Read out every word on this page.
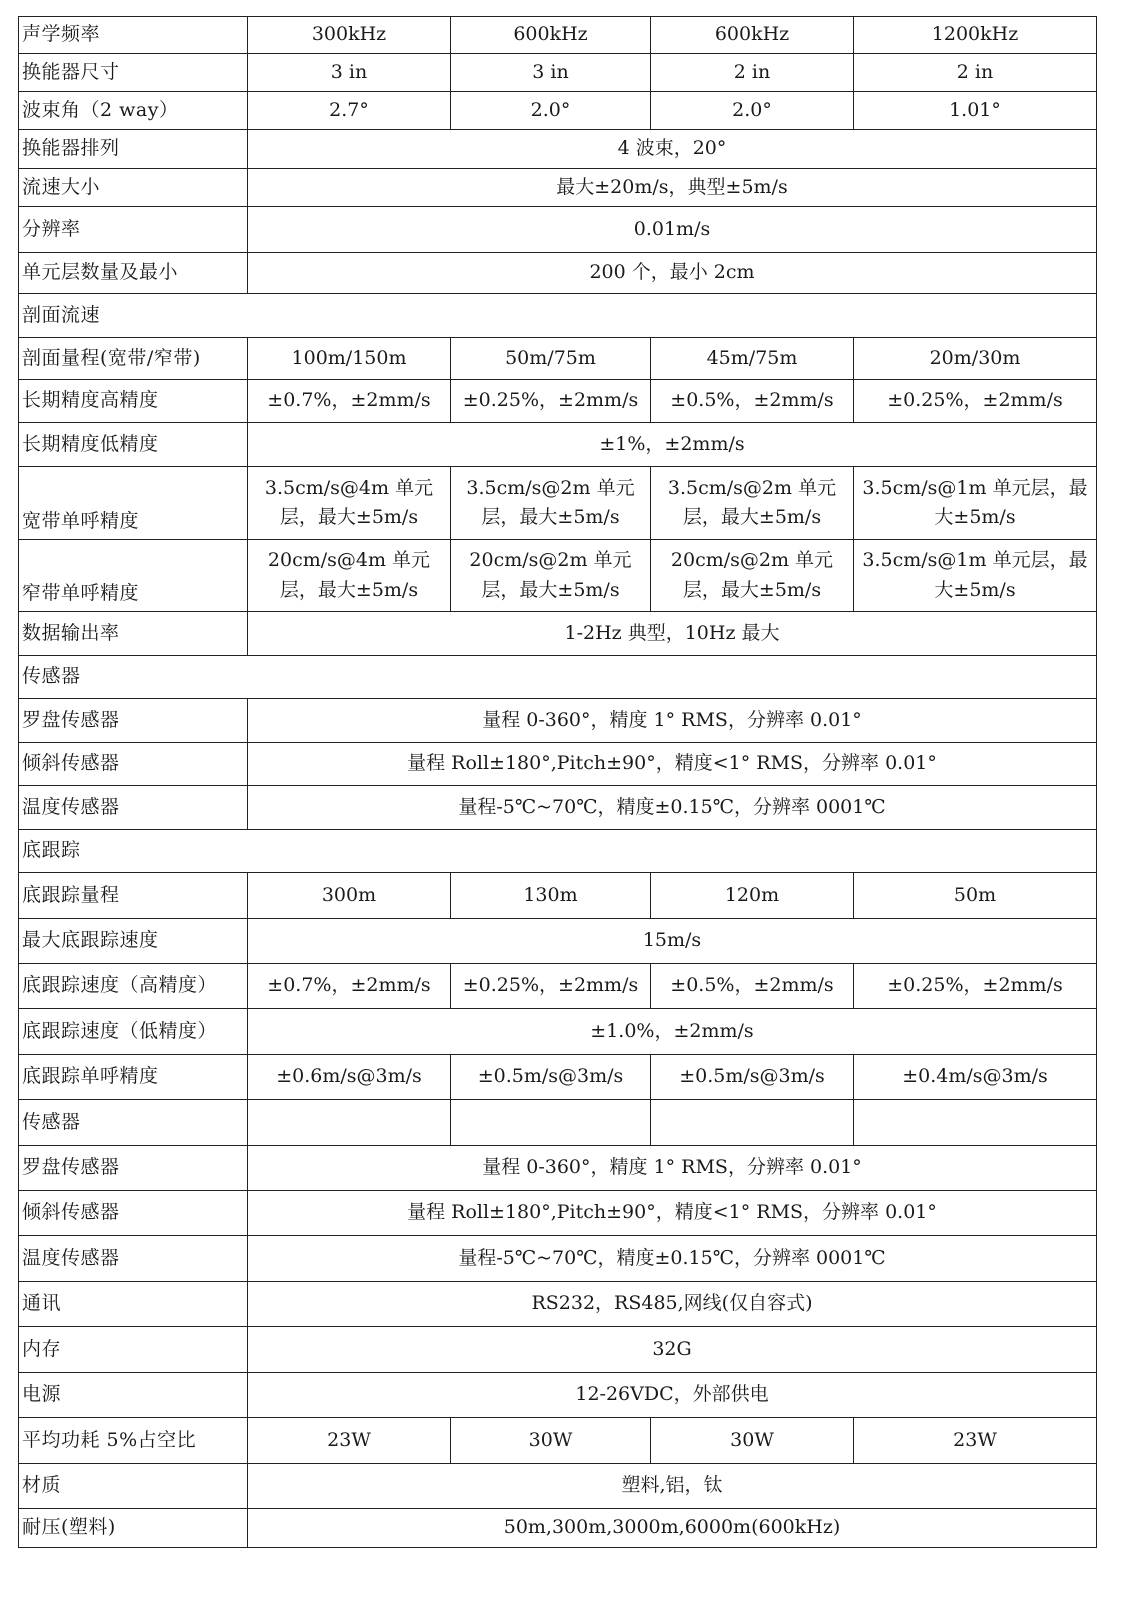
声学频率	300kHz	600kHz	600kHz	1200kHz
换能器尺寸	3 in	3 in	2 in	2 in
波束角（2 way）	2.7°	2.0°	2.0°	1.01°
换能器排列	4 波束，20°			
流速大小	最大±20m/s，典型±5m/s			
分辨率	0.01m/s			
单元层数量及最小	200 个，最小 2cm			
剖面流速				
剖面量程(宽带/窄带)	100m/150m	50m/75m	45m/75m	20m/30m
长期精度高精度	±0.7%，±2mm/s	±0.25%，±2mm/s	±0.5%，±2mm/s	±0.25%，±2mm/s
长期精度低精度	±1%，±2mm/s			
宽带单呼精度	3.5cm/s@4m 单元层，最大±5m/s	3.5cm/s@2m 单元层，最大±5m/s	3.5cm/s@2m 单元层，最大±5m/s	3.5cm/s@1m 单元层，最大±5m/s
窄带单呼精度	20cm/s@4m 单元层，最大±5m/s	20cm/s@2m 单元层，最大±5m/s	20cm/s@2m 单元层，最大±5m/s	3.5cm/s@1m 单元层，最大±5m/s
数据输出率	1-2Hz 典型，10Hz 最大			
传感器				
罗盘传感器	量程 0-360°，精度 1° RMS，分辨率 0.01°			
倾斜传感器	量程 Roll±180°,Pitch±90°，精度<1° RMS，分辨率 0.01°			
温度传感器	量程-5℃~70℃，精度±0.15℃，分辨率 0001℃			
底跟踪				
底跟踪量程	300m	130m	120m	50m
最大底跟踪速度	15m/s			
底跟踪速度（高精度）	±0.7%，±2mm/s	±0.25%，±2mm/s	±0.5%，±2mm/s	±0.25%，±2mm/s
底跟踪速度（低精度）	±1.0%，±2mm/s			
底跟踪单呼精度	±0.6m/s@3m/s	±0.5m/s@3m/s	±0.5m/s@3m/s	±0.4m/s@3m/s
传感器				
罗盘传感器	量程 0-360°，精度 1° RMS，分辨率 0.01°			
倾斜传感器	量程 Roll±180°,Pitch±90°，精度<1° RMS，分辨率 0.01°			
温度传感器	量程-5℃~70℃，精度±0.15℃，分辨率 0001℃			
通讯	RS232，RS485,网线(仅自容式)			
内存	32G			
电源	12-26VDC，外部供电			
平均功耗 5%占空比	23W	30W	30W	23W
材质	塑料,铝，钛			
耐压(塑料)	50m,300m,3000m,6000m(600kHz)			
